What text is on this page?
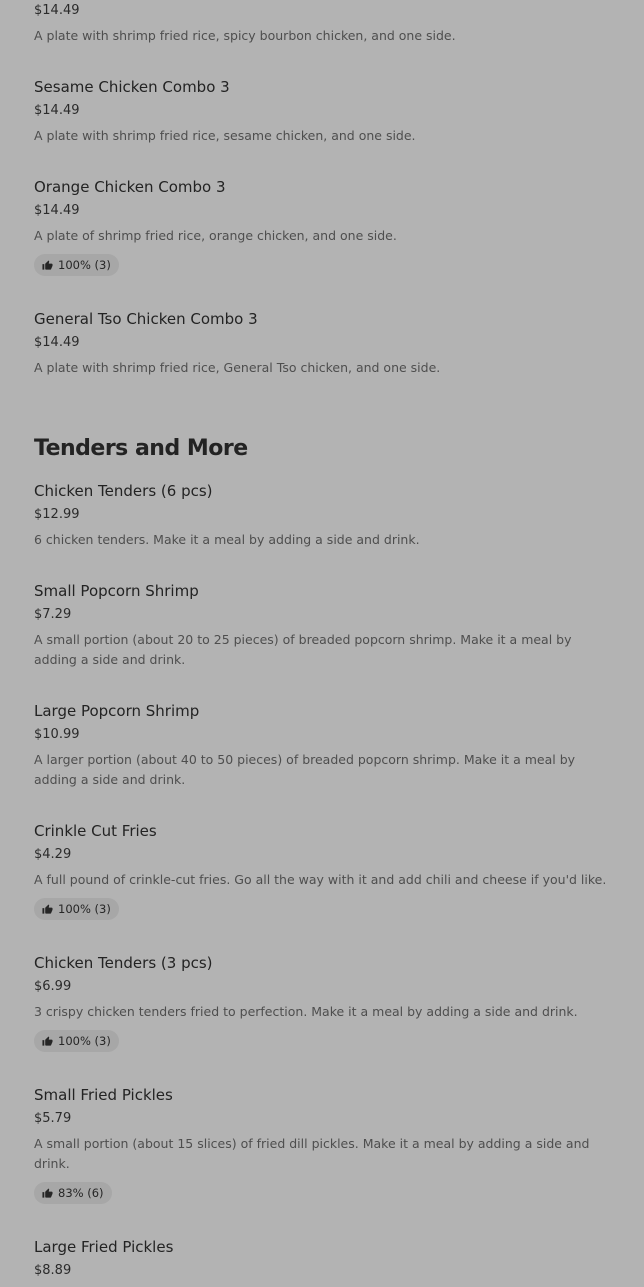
$14.49
A plate with shrimp fried rice, spicy bourbon chicken, and one side.
Sesame Chicken Combo 3
$14.49
A plate with shrimp fried rice, sesame chicken, and one side.
Orange Chicken Combo 3
$14.49
A plate of shrimp fried rice, orange chicken, and one side.
100% (3)
General Tso Chicken Combo 3
$14.49
A plate with shrimp fried rice, General Tso chicken, and one side.
Tenders and More
Chicken Tenders (6 pcs)
$12.99
6 chicken tenders. Make it a meal by adding a side and drink.
Small Popcorn Shrimp
$7.29
A small portion (about 20 to 25 pieces) of breaded popcorn shrimp. Make it a meal by adding a side and drink.
Large Popcorn Shrimp
$10.99
A larger portion (about 40 to 50 pieces) of breaded popcorn shrimp. Make it a meal by adding a side and drink.
Crinkle Cut Fries
$4.29
A full pound of crinkle-cut fries. Go all the way with it and add chili and cheese if you'd like.
100% (3)
Chicken Tenders (3 pcs)
$6.99
3 crispy chicken tenders fried to perfection. Make it a meal by adding a side and drink.
100% (3)
Small Fried Pickles
$5.79
A small portion (about 15 slices) of fried dill pickles. Make it a meal by adding a side and drink.
83% (6)
Large Fried Pickles
$8.89
